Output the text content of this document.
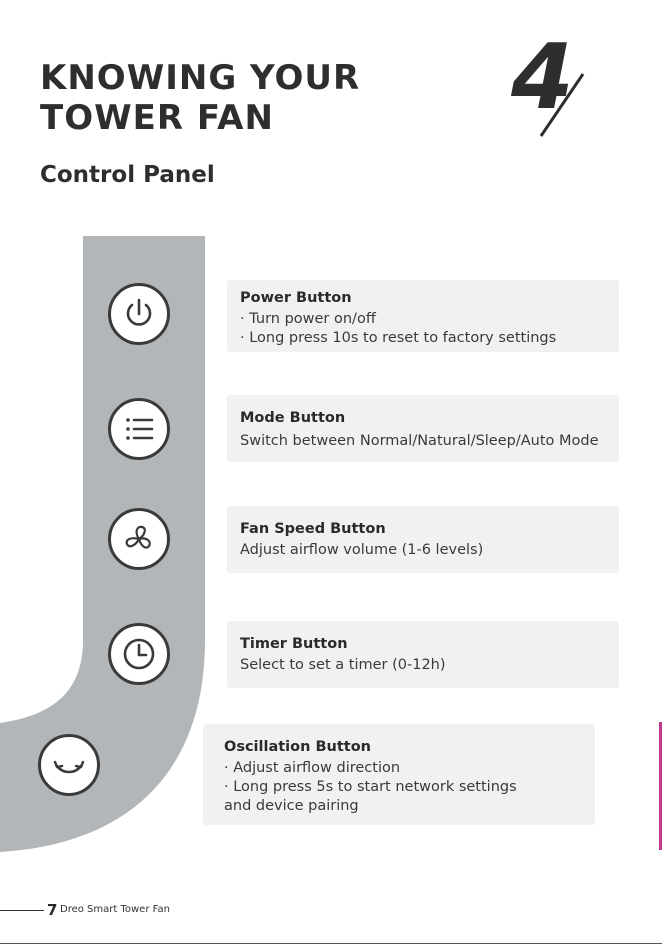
KNOWING YOUR
TOWER FAN	4
Control Panel

Power Button

· Turn power on/off

· Long press 10s to reset to factory settings

Mode Button

Switch between Normal/Natural/Sleep/Auto Mode

Fan Speed Button

Adjust airflow volume (1-6 levels)

Timer Button

Select to set a timer (0-12h)

Oscillation Button

· Adjust airflow direction

· Long press 5s to start network settings

and device pairing

7 Dreo Smart Tower Fan
